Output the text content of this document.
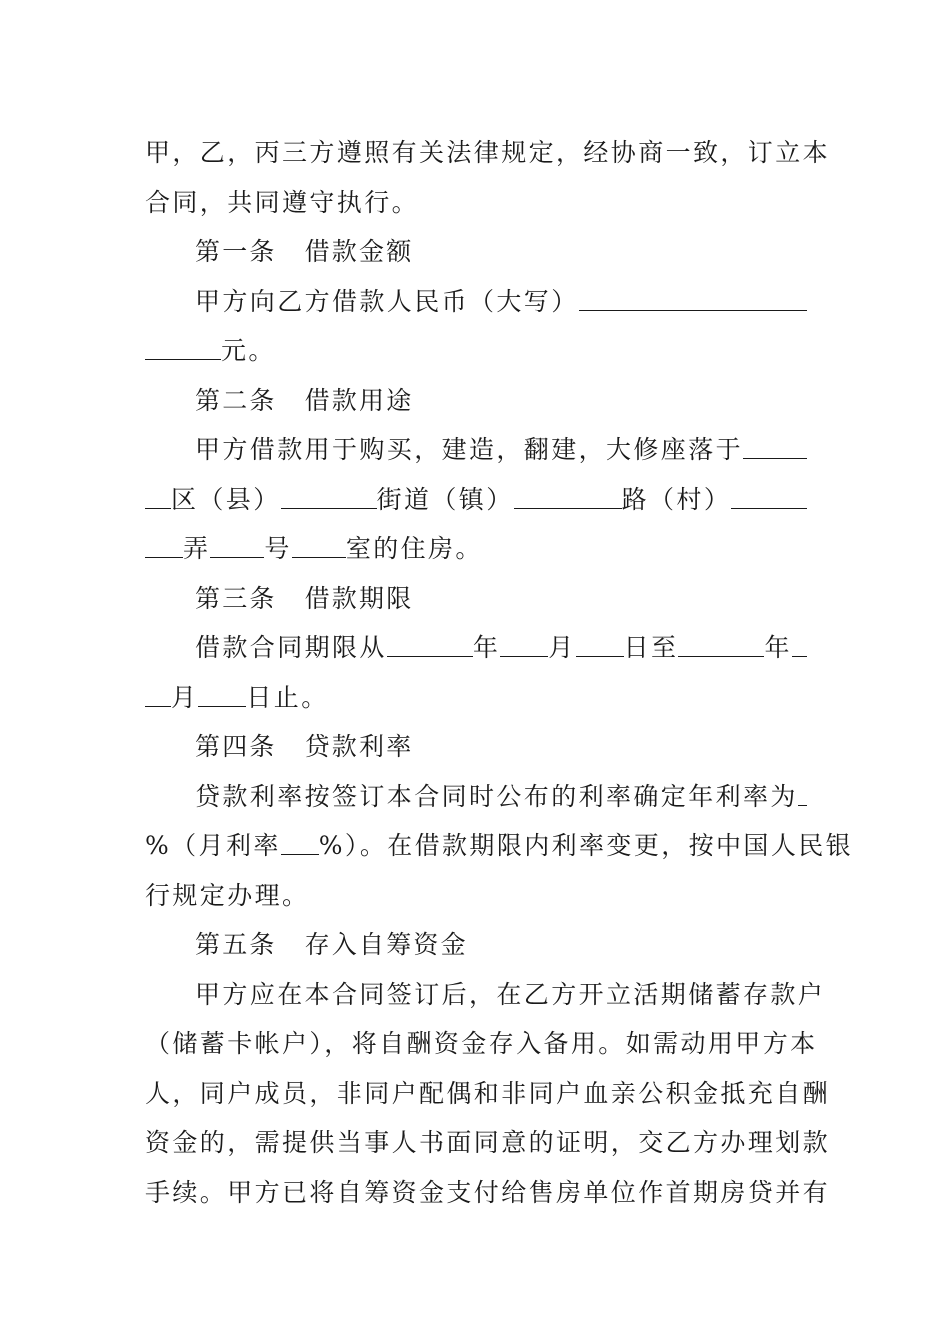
甲，乙，丙三方遵照有关法律规定，经协商一致，订立本
合同，共同遵守执行。
第一条 借款金额
甲方向乙方借款人民币（大写）
元。
第二条 借款用途
甲方借款用于购买，建造，翻建，大修座落于
区（县）	街道（镇）	路（村）
弄 号 室的住房。
第三条 借款期限
借款合同期限从	年 月 日至	年
月 日止。
第四条 贷款利率
贷款利率按签订本合同时公布的利率确定年利率为
%（月利率 %）。在借款期限内利率变更，按中国人民银
行规定办理。
第五条 存入自筹资金
甲方应在本合同签订后，在乙方开立活期储蓄存款户
（储蓄卡帐户），将自酬资金存入备用。如需动用甲方本
人，同户成员，非同户配偶和非同户血亲公积金抵充自酬
资金的，需提供当事人书面同意的证明，交乙方办理划款
手续。甲方已将自筹资金支付给售房单位作首期房贷并有
